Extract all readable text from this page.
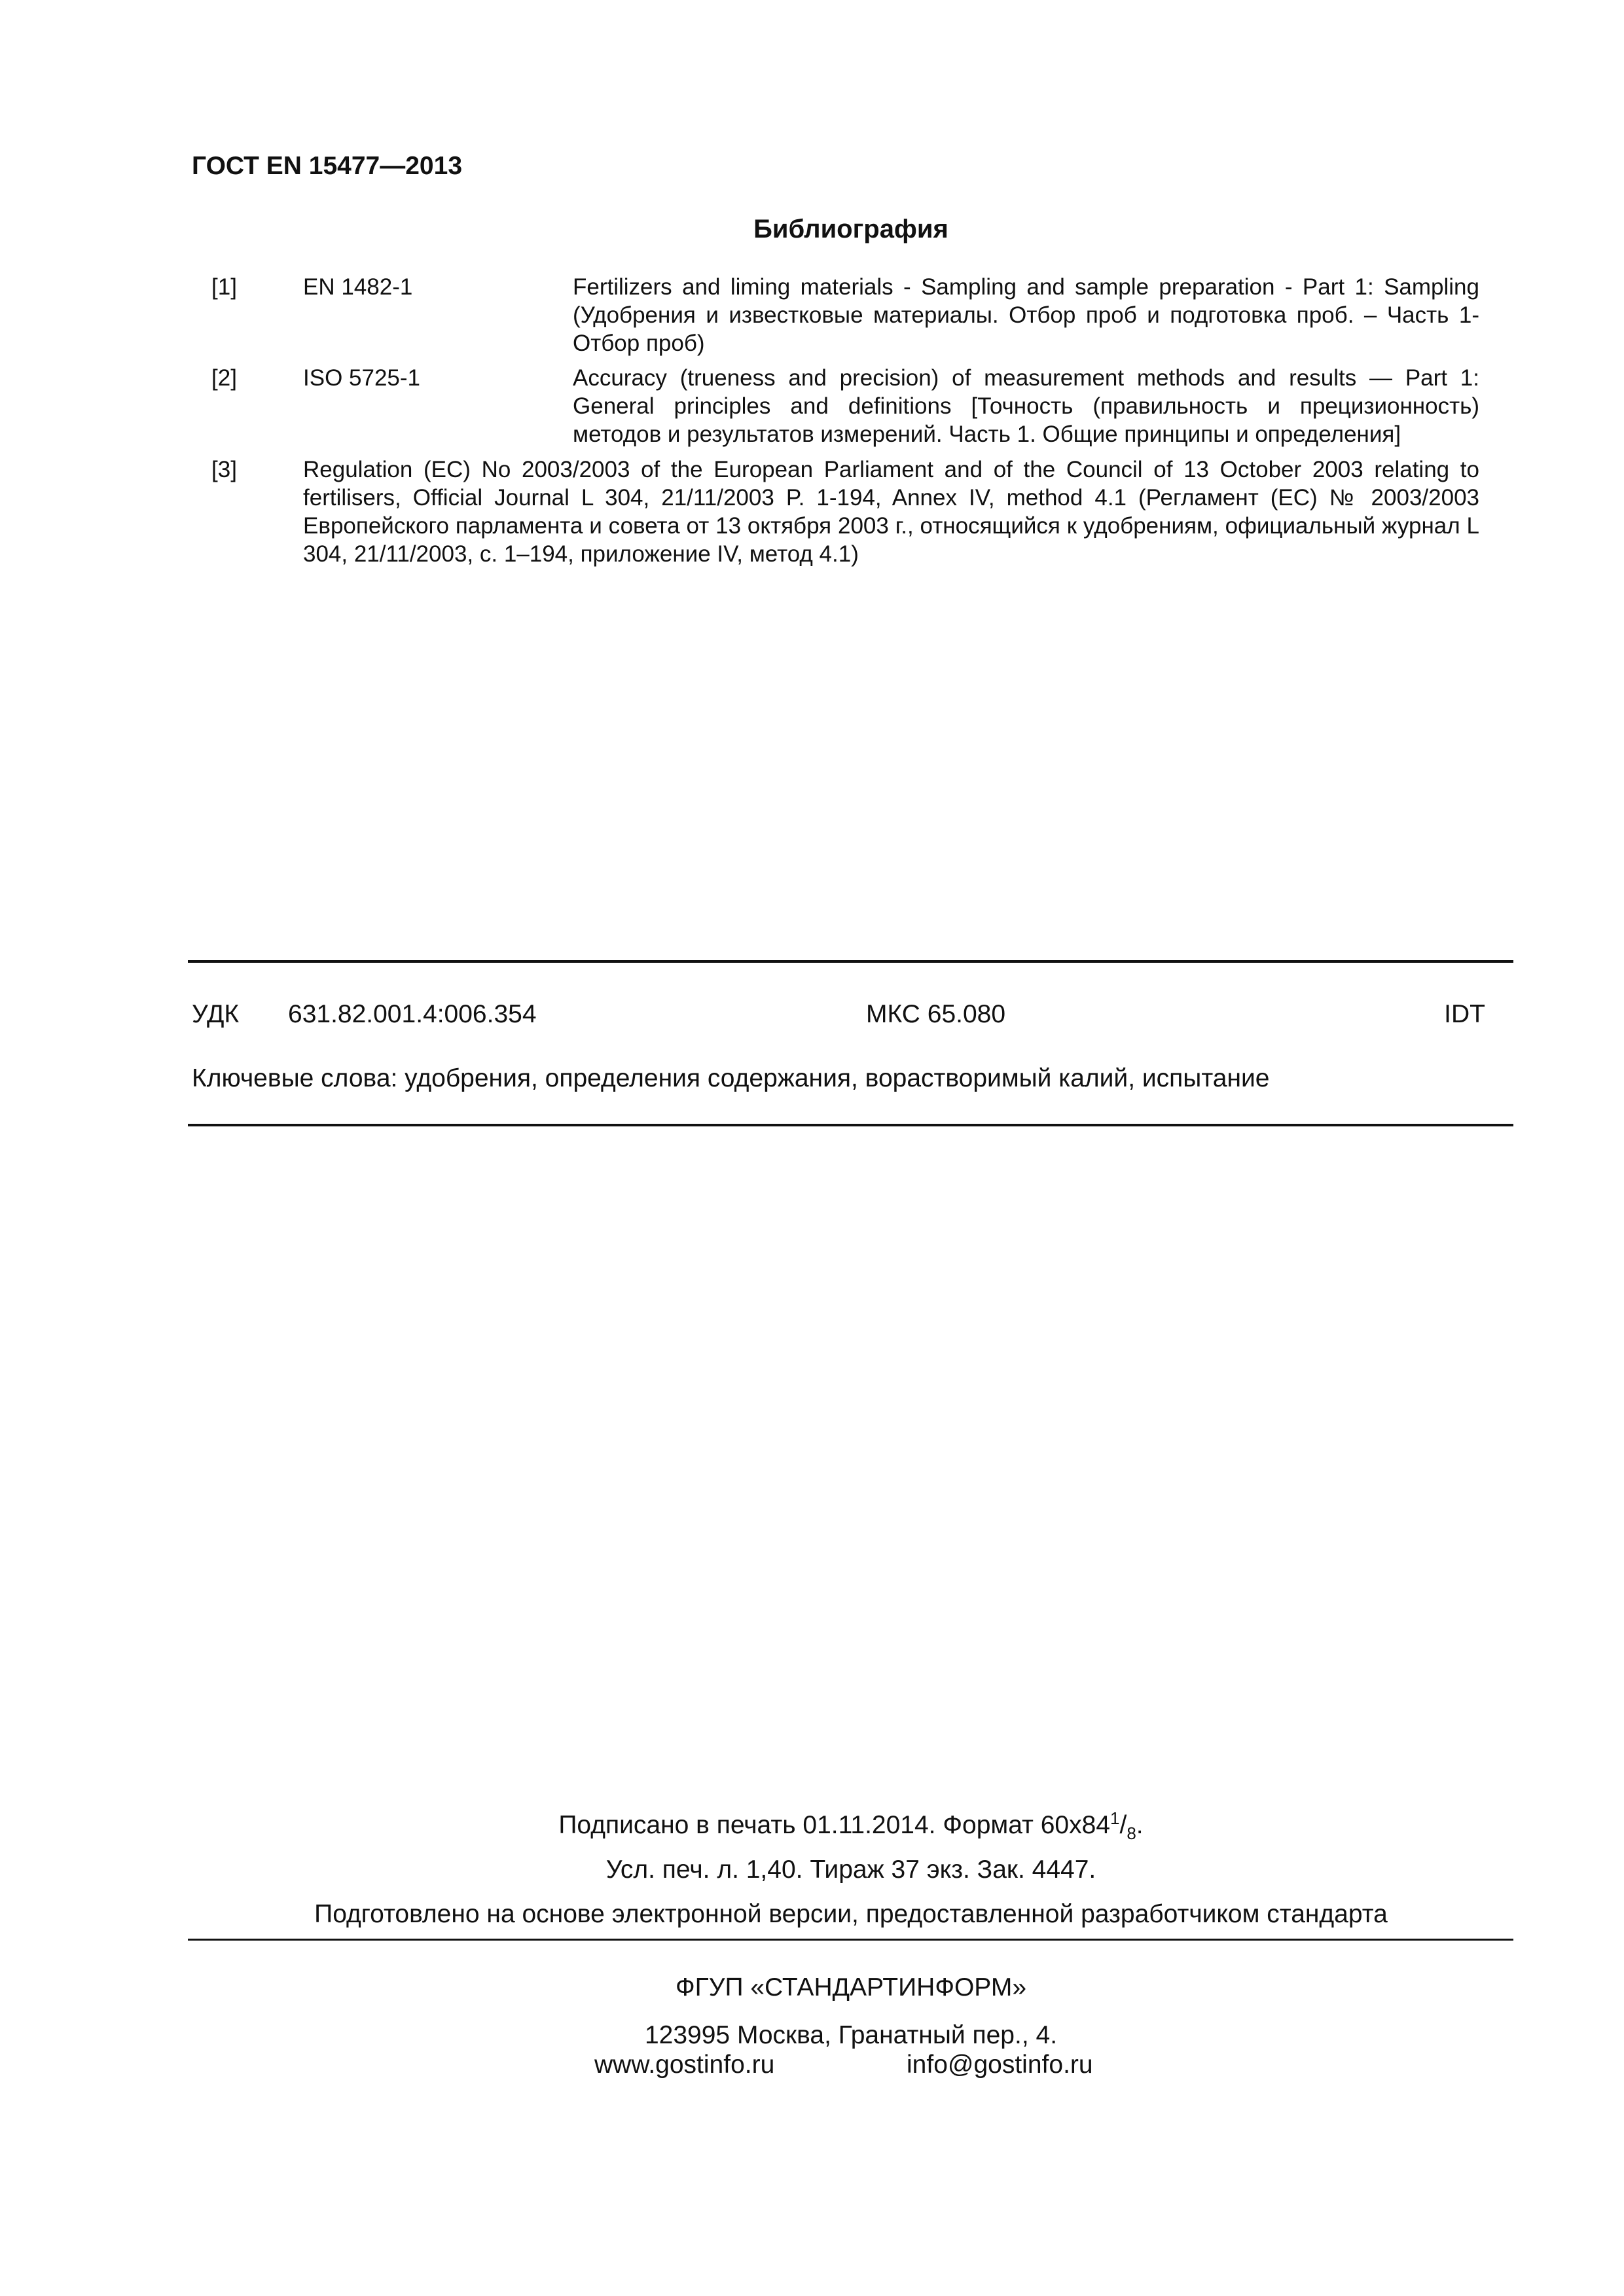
ГОСТ EN 15477—2013
Библиография
[1]	EN 1482-1	Fertilizers and liming materials - Sampling and sample preparation - Part 1: Sampling (Удобрения и известковые материалы. Отбор проб и подготовка проб. – Часть 1- Отбор проб)
[2]	ISO 5725-1	Accuracy (trueness and precision) of measurement methods and results — Part 1: General principles and definitions [Точность (правильность и прецизионность) методов и результатов измерений. Часть 1. Общие принципы и определения]
[3]	Regulation (EC) No 2003/2003 of the European Parliament and of the Council of 13 October 2003 relating to fertilisers, Official Journal L 304, 21/11/2003 P. 1-194, Annex IV, method 4.1 (Регламент (ЕС) № 2003/2003 Европейского парламента и совета от 13 октября 2003 г., относящийся к удобрениям, официальный журнал L 304, 21/11/2003, с. 1–194, приложение IV, метод 4.1)
УДК 631.82.001.4:006.354	МКС 65.080	IDT
Ключевые слова: удобрения, определения содержания, ворастворимый калий, испытание
Подписано в печать 01.11.2014. Формат $60х84^1/_8$.
Усл. печ. л. 1,40. Тираж 37 экз. Зак. 4447.
Подготовлено на основе электронной версии, предоставленной разработчиком стандарта
ФГУП «СТАНДАРТИНФОРМ»
123995 Москва, Гранатный пер., 4.
www.gostinfo.ru	info@gostinfo.ru
